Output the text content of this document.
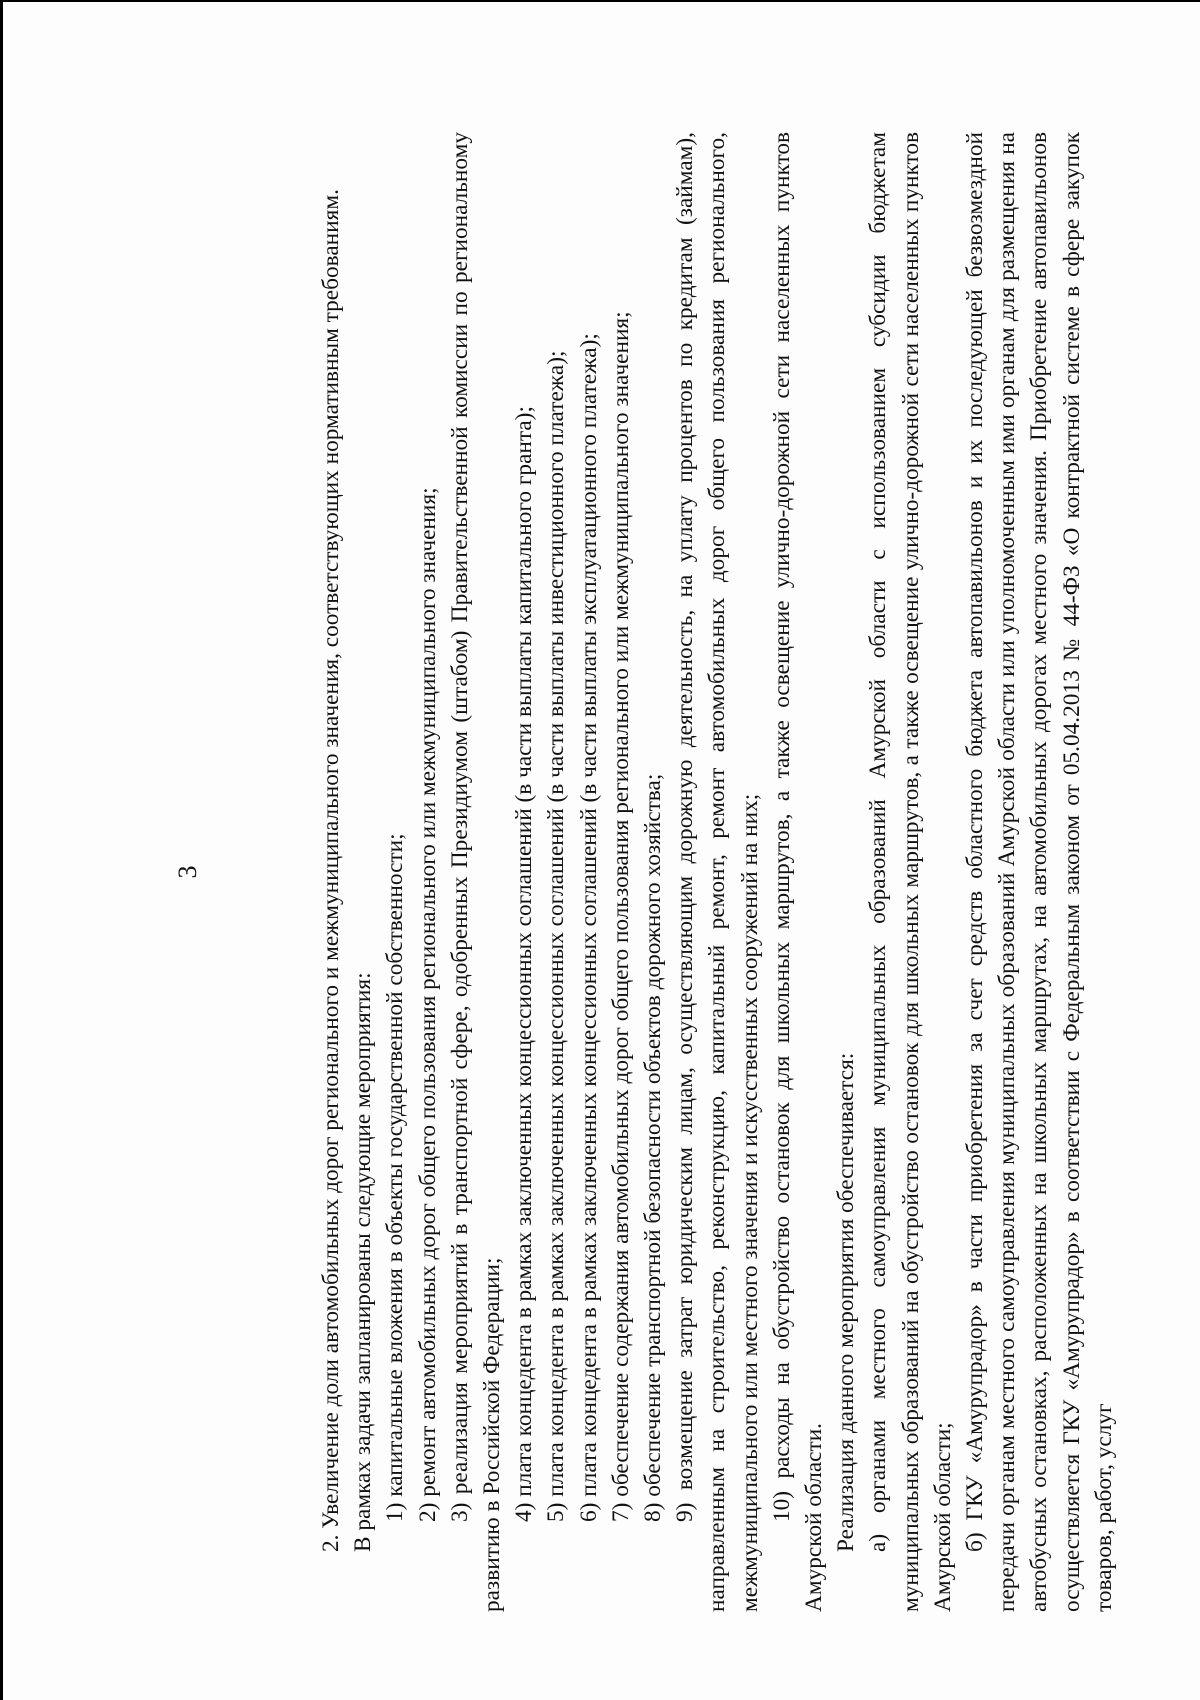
3	2. Увеличение доли автомобильных дорог регионального и межмуниципального значения, соответствующих нормативным требованиям. В рамках задачи запланированы следующие мероприятия: 1) капитальные вложения в объекты государственной собственности; 2) ремонт автомобильных дорог общего пользования регионального или межмуниципального значения; 3) реализация мероприятий в транспортной сфере, одобренных Президиумом (штабом) Правительственной комиссии по региональному развитию в Российской Федерации; 4) плата концедента в рамках заключенных концессионных соглашений (в части выплаты капитального гранта); 5) плата концедента в рамках заключенных концессионных соглашений (в части выплаты инвестиционного платежа); 6) плата концедента в рамках заключенных концессионных соглашений (в части выплаты эксплуатационного платежа); 7) обеспечение содержания автомобильных дорог общего пользования регионального или межмуниципального значения; 8) обеспечение транспортной безопасности объектов дорожного хозяйства; 9) возмещение затрат юридическим лицам, осуществляющим дорожную деятельность, на уплату процентов по кредитам (займам), направленным на строительство, реконструкцию, капитальный ремонт, ремонт автомобильных дорог общего пользования регионального, межмуниципального или местного значения и искусственных сооружений на них; 10) расходы на обустройство остановок для школьных маршрутов, а также освещение улично-дорожной сети населенных пунктов Амурской области. Реализация данного мероприятия обеспечивается: а) органами местного самоуправления муниципальных образований Амурской области с использованием субсидии бюджетам муниципальных образований на обустройство остановок для школьных маршрутов, а также освещение улично-дорожной сети населенных пунктов Амурской области; б) ГКУ «Амурупрадор» в части приобретения за счет средств областного бюджета автопавильонов и их последующей безвозмездной передачи органам местного самоуправления муниципальных образований Амурской области или уполномоченным ими органам для размещения на автобусных остановках, расположенных на школьных маршрутах, на автомобильных дорогах местного значения. Приобретение автопавильонов осуществляется ГКУ «Амурупрадор» в соответствии с Федеральным законом от 05.04.2013 № 44-ФЗ «О контрактной системе в сфере закупок товаров, работ, услуг
